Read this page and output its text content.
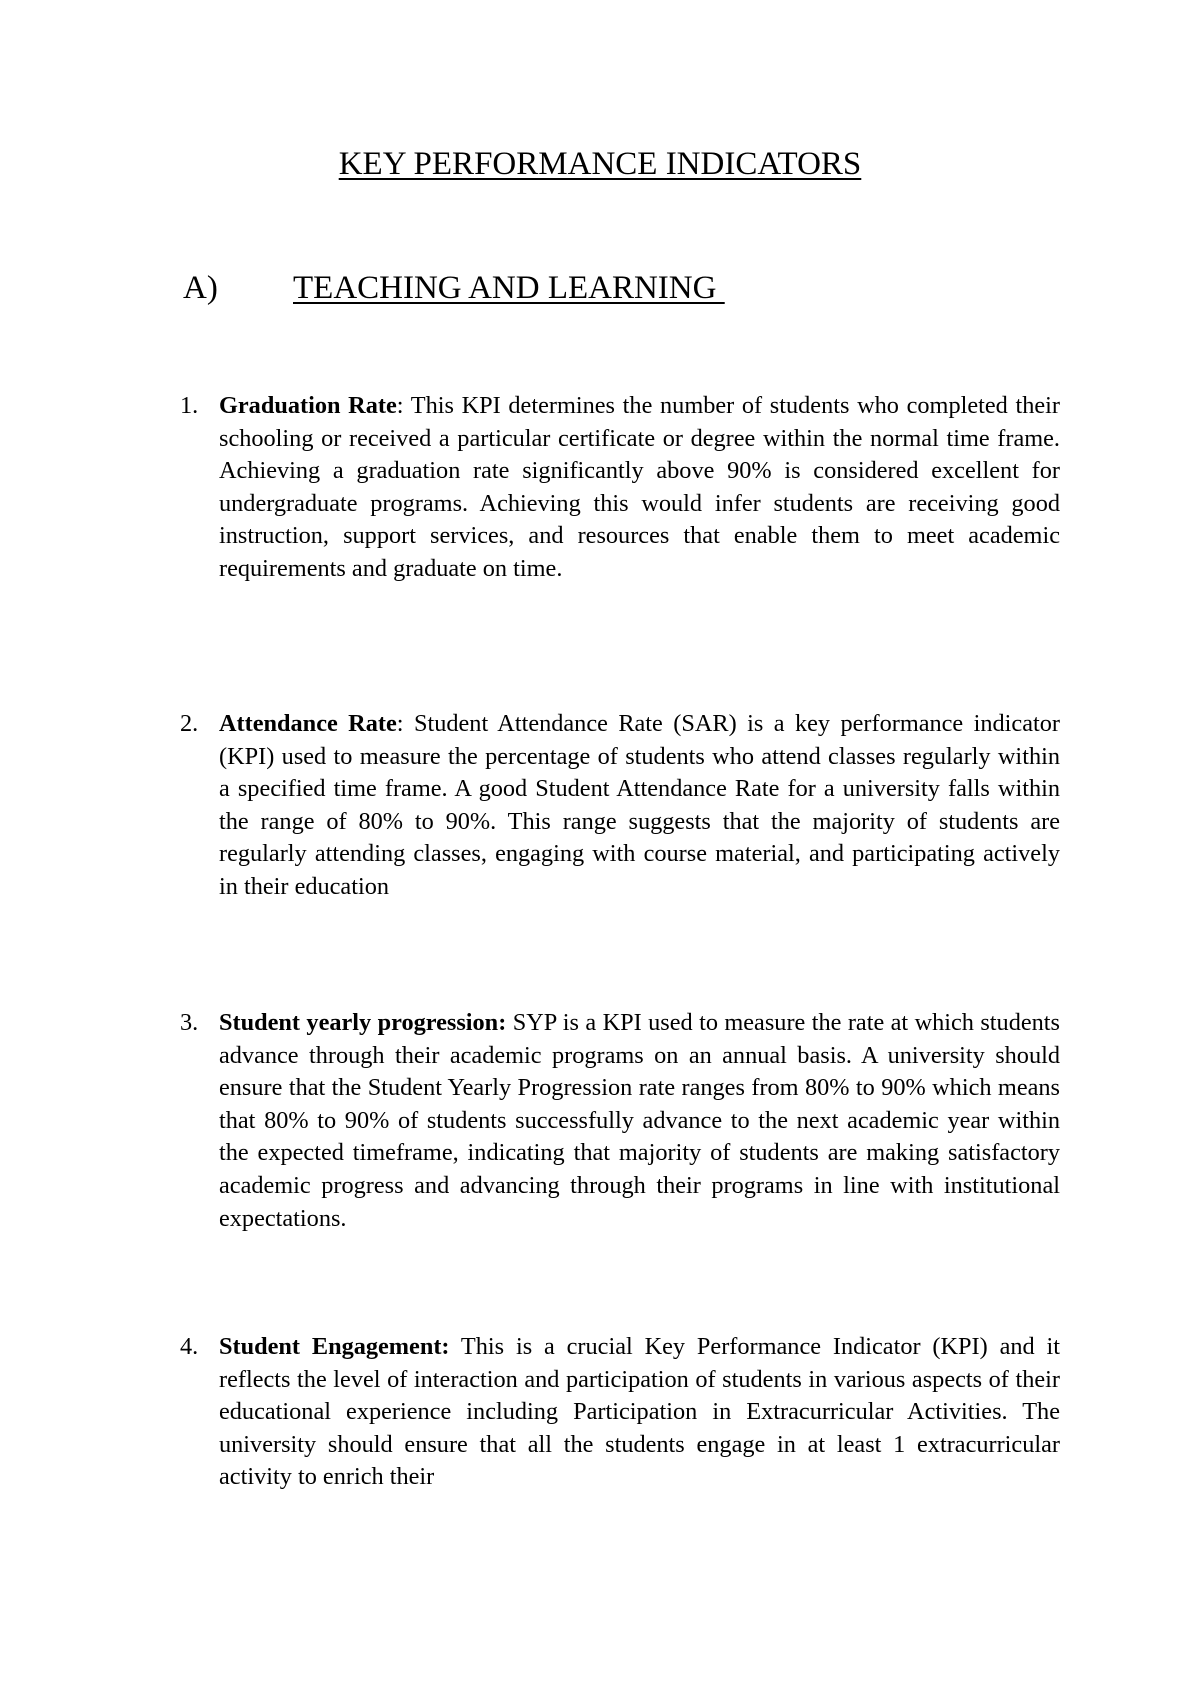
KEY PERFORMANCE INDICATORS
A) TEACHING AND LEARNING
1. Graduation Rate: This KPI determines the number of students who completed their schooling or received a particular certificate or degree within the normal time frame. Achieving a graduation rate significantly above 90% is considered excellent for undergraduate programs. Achieving this would infer students are receiving good instruction, support services, and resources that enable them to meet academic requirements and graduate on time.
2. Attendance Rate: Student Attendance Rate (SAR) is a key performance indicator (KPI) used to measure the percentage of students who attend classes regularly within a specified time frame. A good Student Attendance Rate for a university falls within the range of 80% to 90%. This range suggests that the majority of students are regularly attending classes, engaging with course material, and participating actively in their education
3. Student yearly progression: SYP is a KPI used to measure the rate at which students advance through their academic programs on an annual basis. A university should ensure that the Student Yearly Progression rate ranges from 80% to 90% which means that 80% to 90% of students successfully advance to the next academic year within the expected timeframe, indicating that majority of students are making satisfactory academic progress and advancing through their programs in line with institutional expectations.
4. Student Engagement: This is a crucial Key Performance Indicator (KPI) and it reflects the level of interaction and participation of students in various aspects of their educational experience including Participation in Extracurricular Activities. The university should ensure that all the students engage in at least 1 extracurricular activity to enrich their
